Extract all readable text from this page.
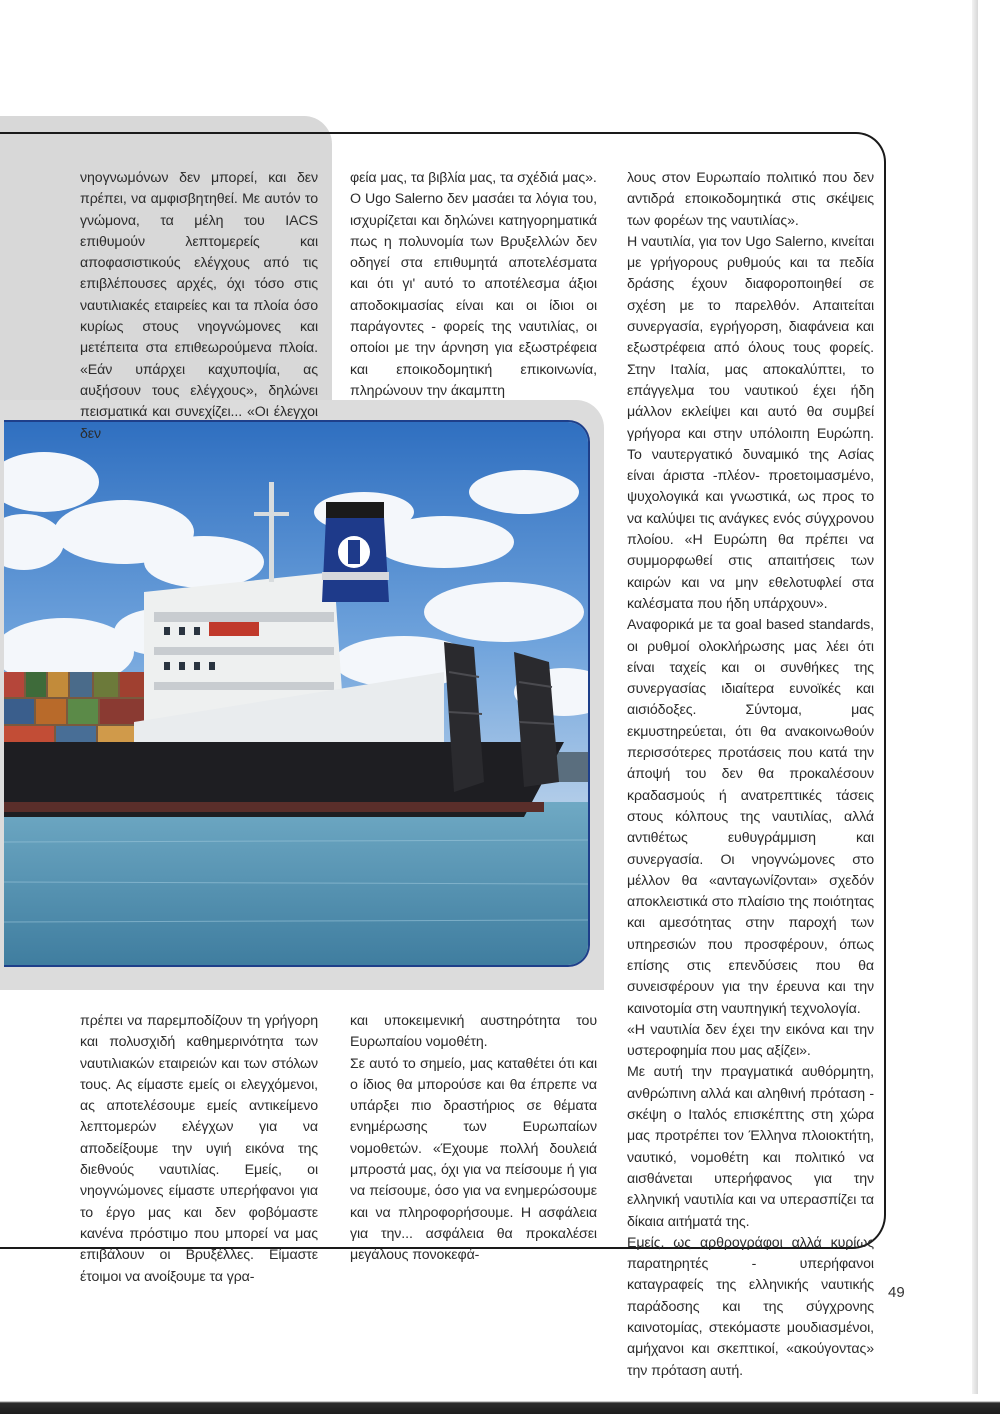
νηογνωμόνων δεν μπορεί, και δεν πρέπει, να αμφισβητηθεί. Με αυτόν το γνώμονα, τα μέλη του IACS επιθυμούν λεπτομερείς και αποφασιστικούς ελέγχους από τις επιβλέπουσες αρχές, όχι τόσο στις ναυτιλιακές εταιρείες και τα πλοία όσο κυρίως στους νηογνώμονες και μετέπειτα στα επιθεωρούμενα πλοία. «Εάν υπάρχει καχυποψία, ας αυξήσουν τους ελέγχους», δηλώνει πεισματικά και συνεχίζει... «Οι έλεγχοι δεν

φεία μας, τα βιβλία μας, τα σχέδιά μας».

Ο Ugo Salerno δεν μασάει τα λόγια του, ισχυρίζεται και δηλώνει κατηγορηματικά πως η πολυνομία των Βρυξελλών δεν οδηγεί στα επιθυμητά αποτελέσματα και ότι γι' αυτό το αποτέλεσμα άξιοι αποδοκιμασίας είναι και οι ίδιοι οι παράγοντες - φορείς της ναυτιλίας, οι οποίοι με την άρνηση για εξωστρέφεια και εποικοδομητική επικοινωνία, πληρώνουν την άκαμπτη

λους στον Ευρωπαίο πολιτικό που δεν αντιδρά εποικοδομητικά στις σκέψεις των φορέων της ναυτιλίας».

Η ναυτιλία, για τον Ugo Salerno, κινείται με γρήγορους ρυθμούς και τα πεδία δράσης έχουν διαφοροποιηθεί σε σχέση με το παρελθόν. Απαιτείται συνεργασία, εγρήγορση, διαφάνεια και εξωστρέφεια από όλους τους φορείς. Στην Ιταλία, μας αποκαλύπτει, το επάγγελμα του ναυτικού έχει ήδη μάλλον εκλείψει και αυτό θα συμβεί γρήγορα και στην υπόλοιπη Ευρώπη. Το ναυτεργατικό δυναμικό της Ασίας είναι άριστα -πλέον- προετοιμασμένο, ψυχολογικά και γνωστικά, ως προς το να καλύψει τις ανάγκες ενός σύγχρονου πλοίου. «Η Ευρώπη θα πρέπει να συμμορφωθεί στις απαιτήσεις των καιρών και να μην εθελοτυφλεί στα καλέσματα που ήδη υπάρχουν».

Αναφορικά με τα goal based standards, οι ρυθμοί ολοκλήρωσης μας λέει ότι είναι ταχείς και οι συνθήκες της συνεργασίας ιδιαίτερα ευνοϊκές και αισιόδοξες. Σύντομα, μας εκμυστηρεύεται, ότι θα ανακοινωθούν περισσότερες προτάσεις που κατά την άποψή του δεν θα προκαλέσουν κραδασμούς ή ανατρεπτικές τάσεις στους κόλπους της ναυτιλίας, αλλά αντιθέτως ευθυγράμμιση και συνεργασία. Οι νηογνώμονες στο μέλλον θα «ανταγωνίζονται» σχεδόν αποκλειστικά στο πλαίσιο της ποιότητας και αμεσότητας στην παροχή των υπηρεσιών που προσφέρουν, όπως επίσης στις επενδύσεις που θα συνεισφέρουν για την έρευνα και την καινοτομία στη ναυπηγική τεχνολογία.

«Η ναυτιλία δεν έχει την εικόνα και την υστεροφημία που μας αξίζει».

Με αυτή την πραγματικά αυθόρμητη, ανθρώπινη αλλά και αληθινή πρόταση - σκέψη ο Ιταλός επισκέπτης στη χώρα μας προτρέπει τον Έλληνα πλοιοκτήτη, ναυτικό, νομοθέτη και πολιτικό να αισθάνεται υπερήφανος για την ελληνική ναυτιλία και να υπερασπίζει τα δίκαια αιτήματά της.

Εμείς, ως αρθρογράφοι αλλά κυρίως παρατηρητές - υπερήφανοι καταγραφείς της ελληνικής ναυτικής παράδοσης και της σύγχρονης καινοτομίας, στεκόμαστε μουδιασμένοι, αμήχανοι και σκεπτικοί, «ακούγοντας» την πρόταση αυτή.

πρέπει να παρεμποδίζουν τη γρήγορη και πολυσχιδή καθημερινότητα των ναυτιλιακών εταιρειών και των στόλων τους. Ας είμαστε εμείς οι ελεγχόμενοι, ας αποτελέσουμε εμείς αντικείμενο λεπτομερών ελέγχων για να αποδείξουμε την υγιή εικόνα της διεθνούς ναυτιλίας. Εμείς, οι νηογνώμονες είμαστε υπερήφανοι για το έργο μας και δεν φοβόμαστε κανένα πρόστιμο που μπορεί να μας επιβάλουν οι Βρυξέλλες. Είμαστε έτοιμοι να ανοίξουμε τα γρα-

και υποκειμενική αυστηρότητα του Ευρωπαίου νομοθέτη.

Σε αυτό το σημείο, μας καταθέτει ότι και ο ίδιος θα μπορούσε και θα έπρεπε να υπάρξει πιο δραστήριος σε θέματα ενημέρωσης των Ευρωπαίων νομοθετών. «Έχουμε πολλή δουλειά μπροστά μας, όχι για να πείσουμε ή για να πείσουμε, όσο για να ενημερώσουμε και να πληροφορήσουμε. Η ασφάλεια για την... ασφάλεια θα προκαλέσει μεγάλους πονοκεφά-

49
